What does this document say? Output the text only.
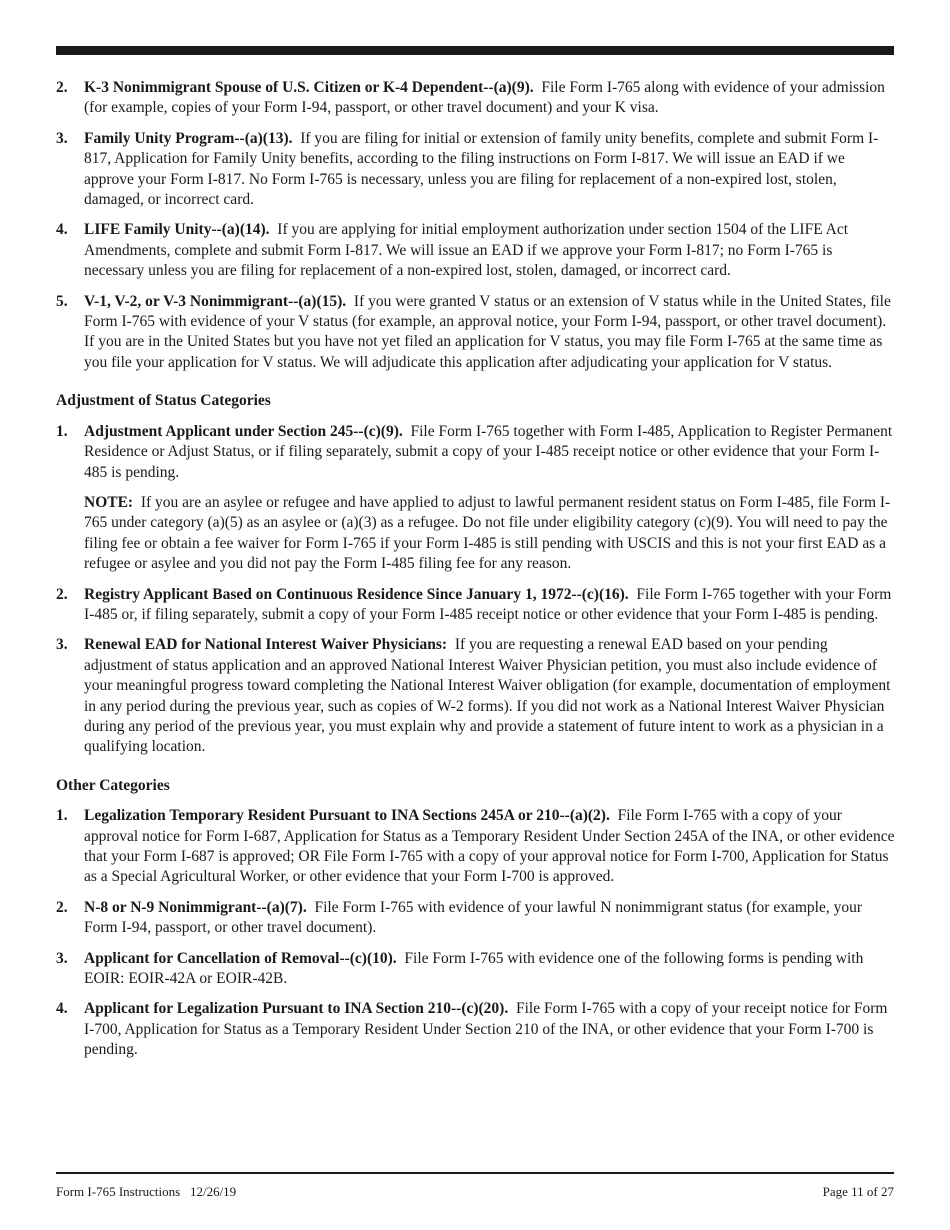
2.	K-3 Nonimmigrant Spouse of U.S. Citizen or K-4 Dependent--(a)(9). File Form I-765 along with evidence of your admission (for example, copies of your Form I-94, passport, or other travel document) and your K visa.
3.	Family Unity Program--(a)(13). If you are filing for initial or extension of family unity benefits, complete and submit Form I-817, Application for Family Unity benefits, according to the filing instructions on Form I-817. We will issue an EAD if we approve your Form I-817. No Form I-765 is necessary, unless you are filing for replacement of a non-expired lost, stolen, damaged, or incorrect card.
4.	LIFE Family Unity--(a)(14). If you are applying for initial employment authorization under section 1504 of the LIFE Act Amendments, complete and submit Form I-817. We will issue an EAD if we approve your Form I-817; no Form I-765 is necessary unless you are filing for replacement of a non-expired lost, stolen, damaged, or incorrect card.
5.	V-1, V-2, or V-3 Nonimmigrant--(a)(15). If you were granted V status or an extension of V status while in the United States, file Form I-765 with evidence of your V status (for example, an approval notice, your Form I-94, passport, or other travel document). If you are in the United States but you have not yet filed an application for V status, you may file Form I-765 at the same time as you file your application for V status. We will adjudicate this application after adjudicating your application for V status.
Adjustment of Status Categories
1.	Adjustment Applicant under Section 245--(c)(9). File Form I-765 together with Form I-485, Application to Register Permanent Residence or Adjust Status, or if filing separately, submit a copy of your I-485 receipt notice or other evidence that your Form I-485 is pending.
NOTE: If you are an asylee or refugee and have applied to adjust to lawful permanent resident status on Form I-485, file Form I-765 under category (a)(5) as an asylee or (a)(3) as a refugee. Do not file under eligibility category (c)(9). You will need to pay the filing fee or obtain a fee waiver for Form I-765 if your Form I-485 is still pending with USCIS and this is not your first EAD as a refugee or asylee and you did not pay the Form I-485 filing fee for any reason.
2.	Registry Applicant Based on Continuous Residence Since January 1, 1972--(c)(16). File Form I-765 together with your Form I-485 or, if filing separately, submit a copy of your Form I-485 receipt notice or other evidence that your Form I-485 is pending.
3.	Renewal EAD for National Interest Waiver Physicians: If you are requesting a renewal EAD based on your pending adjustment of status application and an approved National Interest Waiver Physician petition, you must also include evidence of your meaningful progress toward completing the National Interest Waiver obligation (for example, documentation of employment in any period during the previous year, such as copies of W-2 forms). If you did not work as a National Interest Waiver Physician during any period of the previous year, you must explain why and provide a statement of future intent to work as a physician in a qualifying location.
Other Categories
1.	Legalization Temporary Resident Pursuant to INA Sections 245A or 210--(a)(2). File Form I-765 with a copy of your approval notice for Form I-687, Application for Status as a Temporary Resident Under Section 245A of the INA, or other evidence that your Form I-687 is approved; OR File Form I-765 with a copy of your approval notice for Form I-700, Application for Status as a Special Agricultural Worker, or other evidence that your Form I-700 is approved.
2.	N-8 or N-9 Nonimmigrant--(a)(7). File Form I-765 with evidence of your lawful N nonimmigrant status (for example, your Form I-94, passport, or other travel document).
3.	Applicant for Cancellation of Removal--(c)(10). File Form I-765 with evidence one of the following forms is pending with EOIR: EOIR-42A or EOIR-42B.
4.	Applicant for Legalization Pursuant to INA Section 210--(c)(20). File Form I-765 with a copy of your receipt notice for Form I-700, Application for Status as a Temporary Resident Under Section 210 of the INA, or other evidence that your Form I-700 is pending.
Form I-765 Instructions   12/26/19	Page 11 of 27
